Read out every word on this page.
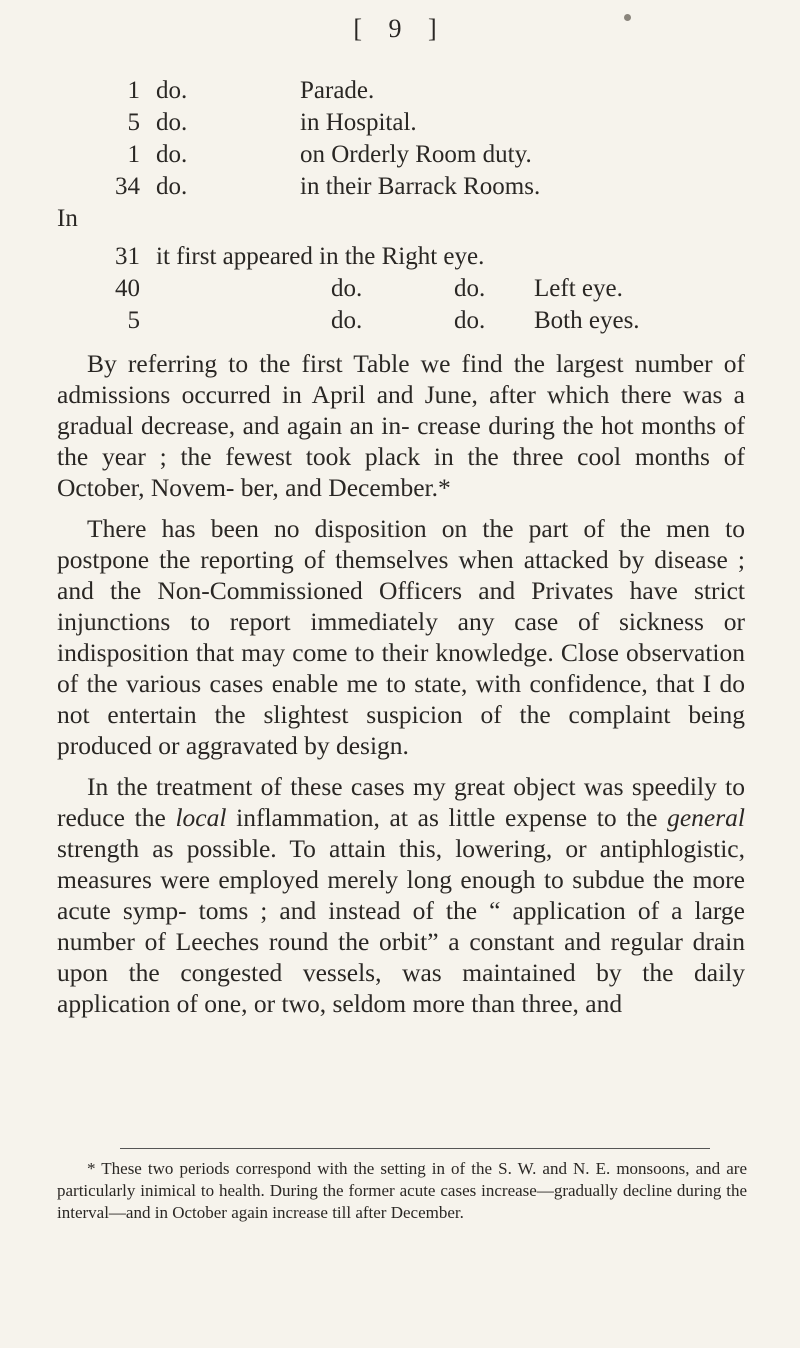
[ 9 ]
1 do.	Parade.
5 do.	in Hospital.
1 do.	on Orderly Room duty.
34 do.	in their Barrack Rooms.
In
31 it first appeared in the Right eye.
40	do.	do. Left eye.
5	do.	do. Both eyes.

By referring to the first Table we find the largest number of admissions occurred in April and June, after which there was a gradual decrease, and again an in- crease during the hot months of the year ; the fewest took plack in the three cool months of October, Novem- ber, and December.*

There has been no disposition on the part of the men to postpone the reporting of themselves when attacked by disease ; and the Non-Commissioned Officers and Privates have strict injunctions to report immediately any case of sickness or indisposition that may come to their knowledge. Close observation of the various cases enable me to state, with confidence, that I do not entertain the slightest suspicion of the complaint being produced or aggravated by design.

In the treatment of these cases my great object was speedily to reduce the local inflammation, at as little expense to the general strength as possible. To attain this, lowering, or antiphlogistic, measures were employed merely long enough to subdue the more acute symp- toms ; and instead of the “ application of a large number of Leeches round the orbit” a constant and regular drain upon the congested vessels, was maintained by the daily application of one, or two, seldom more than three, and

* These two periods correspond with the setting in of the S. W. and N. E. monsoons, and are particularly inimical to health. During the former acute cases increase—gradually decline during the interval—and in October again increase till after December.
